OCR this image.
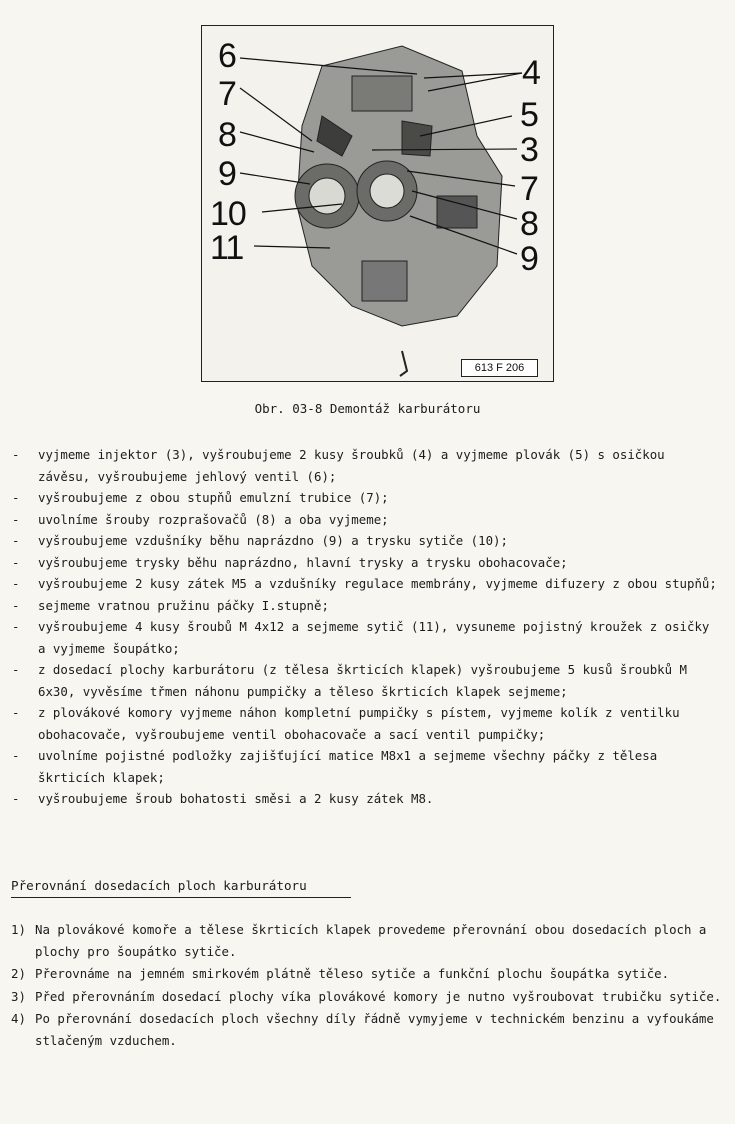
6
7
8
9
10
11
4
5
3
7
8
9
613 F 206
Obr. 03-8 Demontáž karburátoru
-	vyjmeme injektor (3), vyšroubujeme 2 kusy šroubků (4) a vyjmeme plovák (5) s osičkou závěsu, vyšroubujeme jehlový ventil (6);
-	vyšroubujeme z obou stupňů emulzní trubice (7);
-	uvolníme šrouby rozprašovačů (8) a oba vyjmeme;
-	vyšroubujeme vzdušníky běhu naprázdno (9) a trysku sytiče (10);
-	vyšroubujeme trysky běhu naprázdno, hlavní trysky a trysku obohacovače;
-	vyšroubujeme 2 kusy zátek M5 a vzdušníky regulace membrány, vyjmeme difuzery z obou stupňů;
-	sejmeme vratnou pružinu páčky I.stupně;
-	vyšroubujeme 4 kusy šroubů M 4x12 a sejmeme sytič (11), vysuneme pojistný kroužek z osičky a vyjmeme šoupátko;
-	z dosedací plochy karburátoru (z tělesa škrticích klapek) vyšroubujeme 5 kusů šroubků M 6x30, vyvěsíme třmen náhonu pumpičky a těleso škrticích klapek sejmeme;
-	z plovákové komory vyjmeme náhon kompletní pumpičky s pístem, vyjmeme kolík z ventilku obohacovače, vyšroubujeme ventil obohacovače a sací ventil pumpičky;
-	uvolníme pojistné podložky zajišťující matice M8x1 a sejmeme všechny páčky z tělesa škrticích klapek;
-	vyšroubujeme šroub bohatosti směsi a 2 kusy zátek M8.
Přerovnání dosedacích ploch karburátoru
1) Na plovákové komoře a tělese škrticích klapek provedeme přerovnání obou dosedacích ploch a plochy pro šoupátko sytiče.
2) Přerovnáme na jemném smirkovém plátně těleso sytiče a funkční plochu šoupátka sytiče.
3) Před přerovnáním dosedací plochy víka plovákové komory je nutno vyšroubovat trubičku sytiče.
4) Po přerovnání dosedacích ploch všechny díly řádně vymyjeme v technickém benzinu a vyfoukáme stlačeným vzduchem.
